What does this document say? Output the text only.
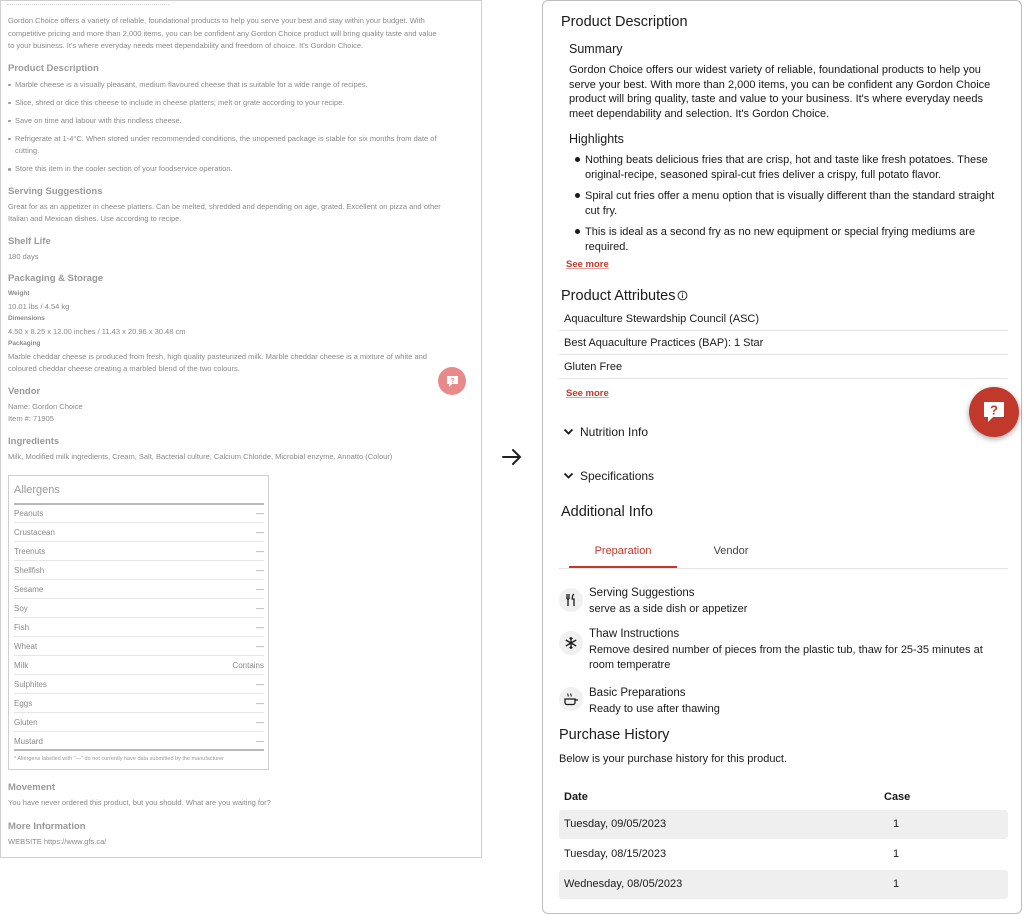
Gordon Choice offers a variety of reliable, foundational products to help you serve your best and stay within your budget. With competitive pricing and more than 2,000 items, you can be confident any Gordon Choice product will bring quality taste and value to your business. It's where everyday needs meet dependability and freedom of choice. It's Gordon Choice.

Product Description
Marble cheese is a visually pleasant, medium flavoured cheese that is suitable for a wide range of recipes.
Slice, shred or dice this cheese to include in cheese platters; melt or grate according to your recipe.
Save on time and labour with this rindless cheese.
Refrigerate at 1-4°C. When stored under recommended conditions, the unopened package is stable for six months from date of cutting.
Store this item in the cooler section of your foodservice operation.
Serving Suggestions

Great for as an appetizer in cheese platters. Can be melted, shredded and depending on age, grated. Excellent on pizza and other Italian and Mexican dishes. Use according to recipe.

Shelf Life

180 days

Packaging & Storage
Weight
10.01 lbs / 4.54 kg
Dimensions
4.50 x 8.25 x 12.00 inches / 11.43 x 20.96 x 30.48 cm
Packaging
Marble cheddar cheese is produced from fresh, high quality pasteurized milk. Marble cheddar cheese is a mixture of white and coloured cheddar cheese creating a marbled blend of the two colours.
Vendor

Name: Gordon Choice

Item #: 71905
Ingredients

Milk, Modified milk ingredients, Cream, Salt, Bacterial culture, Calcium Chloride, Microbial enzyme, Annatto (Colour)

Allergens
Peanuts	—
Crustacean	—
Treenuts	—
Shellfish	—
Sesame	—
Soy	—
Fish	—
Wheat	—
Milk	Contains
Sulphites	—
Eggs	—
Gluten	—
Mustard	—
* Allergens labelled with "—" do not currently have data submitted by the manufacturer
Movement

You have never ordered this product, but you should. What are you waiting for?

More Information

WEBSITE https://www.gfs.ca/

?
Product Description
Summary
Gordon Choice offers our widest variety of reliable, foundational products to help you serve your best. With more than 2,000 items, you can be confident any Gordon Choice product will bring quality, taste and value to your business. It's where everyday needs meet dependability and selection. It's Gordon Choice.
Highlights
Nothing beats delicious fries that are crisp, hot and taste like fresh potatoes. These original-recipe, seasoned spiral-cut fries deliver a crispy, full potato flavor.
Spiral cut fries offer a menu option that is visually different than the standard straight cut fry.
This is ideal as a second fry as no new equipment or special frying mediums are required.
See more
Product Attributes
Aquaculture Stewardship Council (ASC)
Best Aquaculture Practices (BAP): 1 Star
Gluten Free
See more
Nutrition Info
Specifications
Additional Info
Preparation	Vendor
Serving Suggestions
serve as a side dish or appetizer
Thaw Instructions
Remove desired number of pieces from the plastic tub, thaw for 25-35 minutes at room temperatre
Basic Preparations
Ready to use after thawing
Purchase History
Below is your purchase history for this product.
Date	Case
Tuesday, 09/05/2023	1
Tuesday, 08/15/2023	1
Wednesday, 08/05/2023	1
?
